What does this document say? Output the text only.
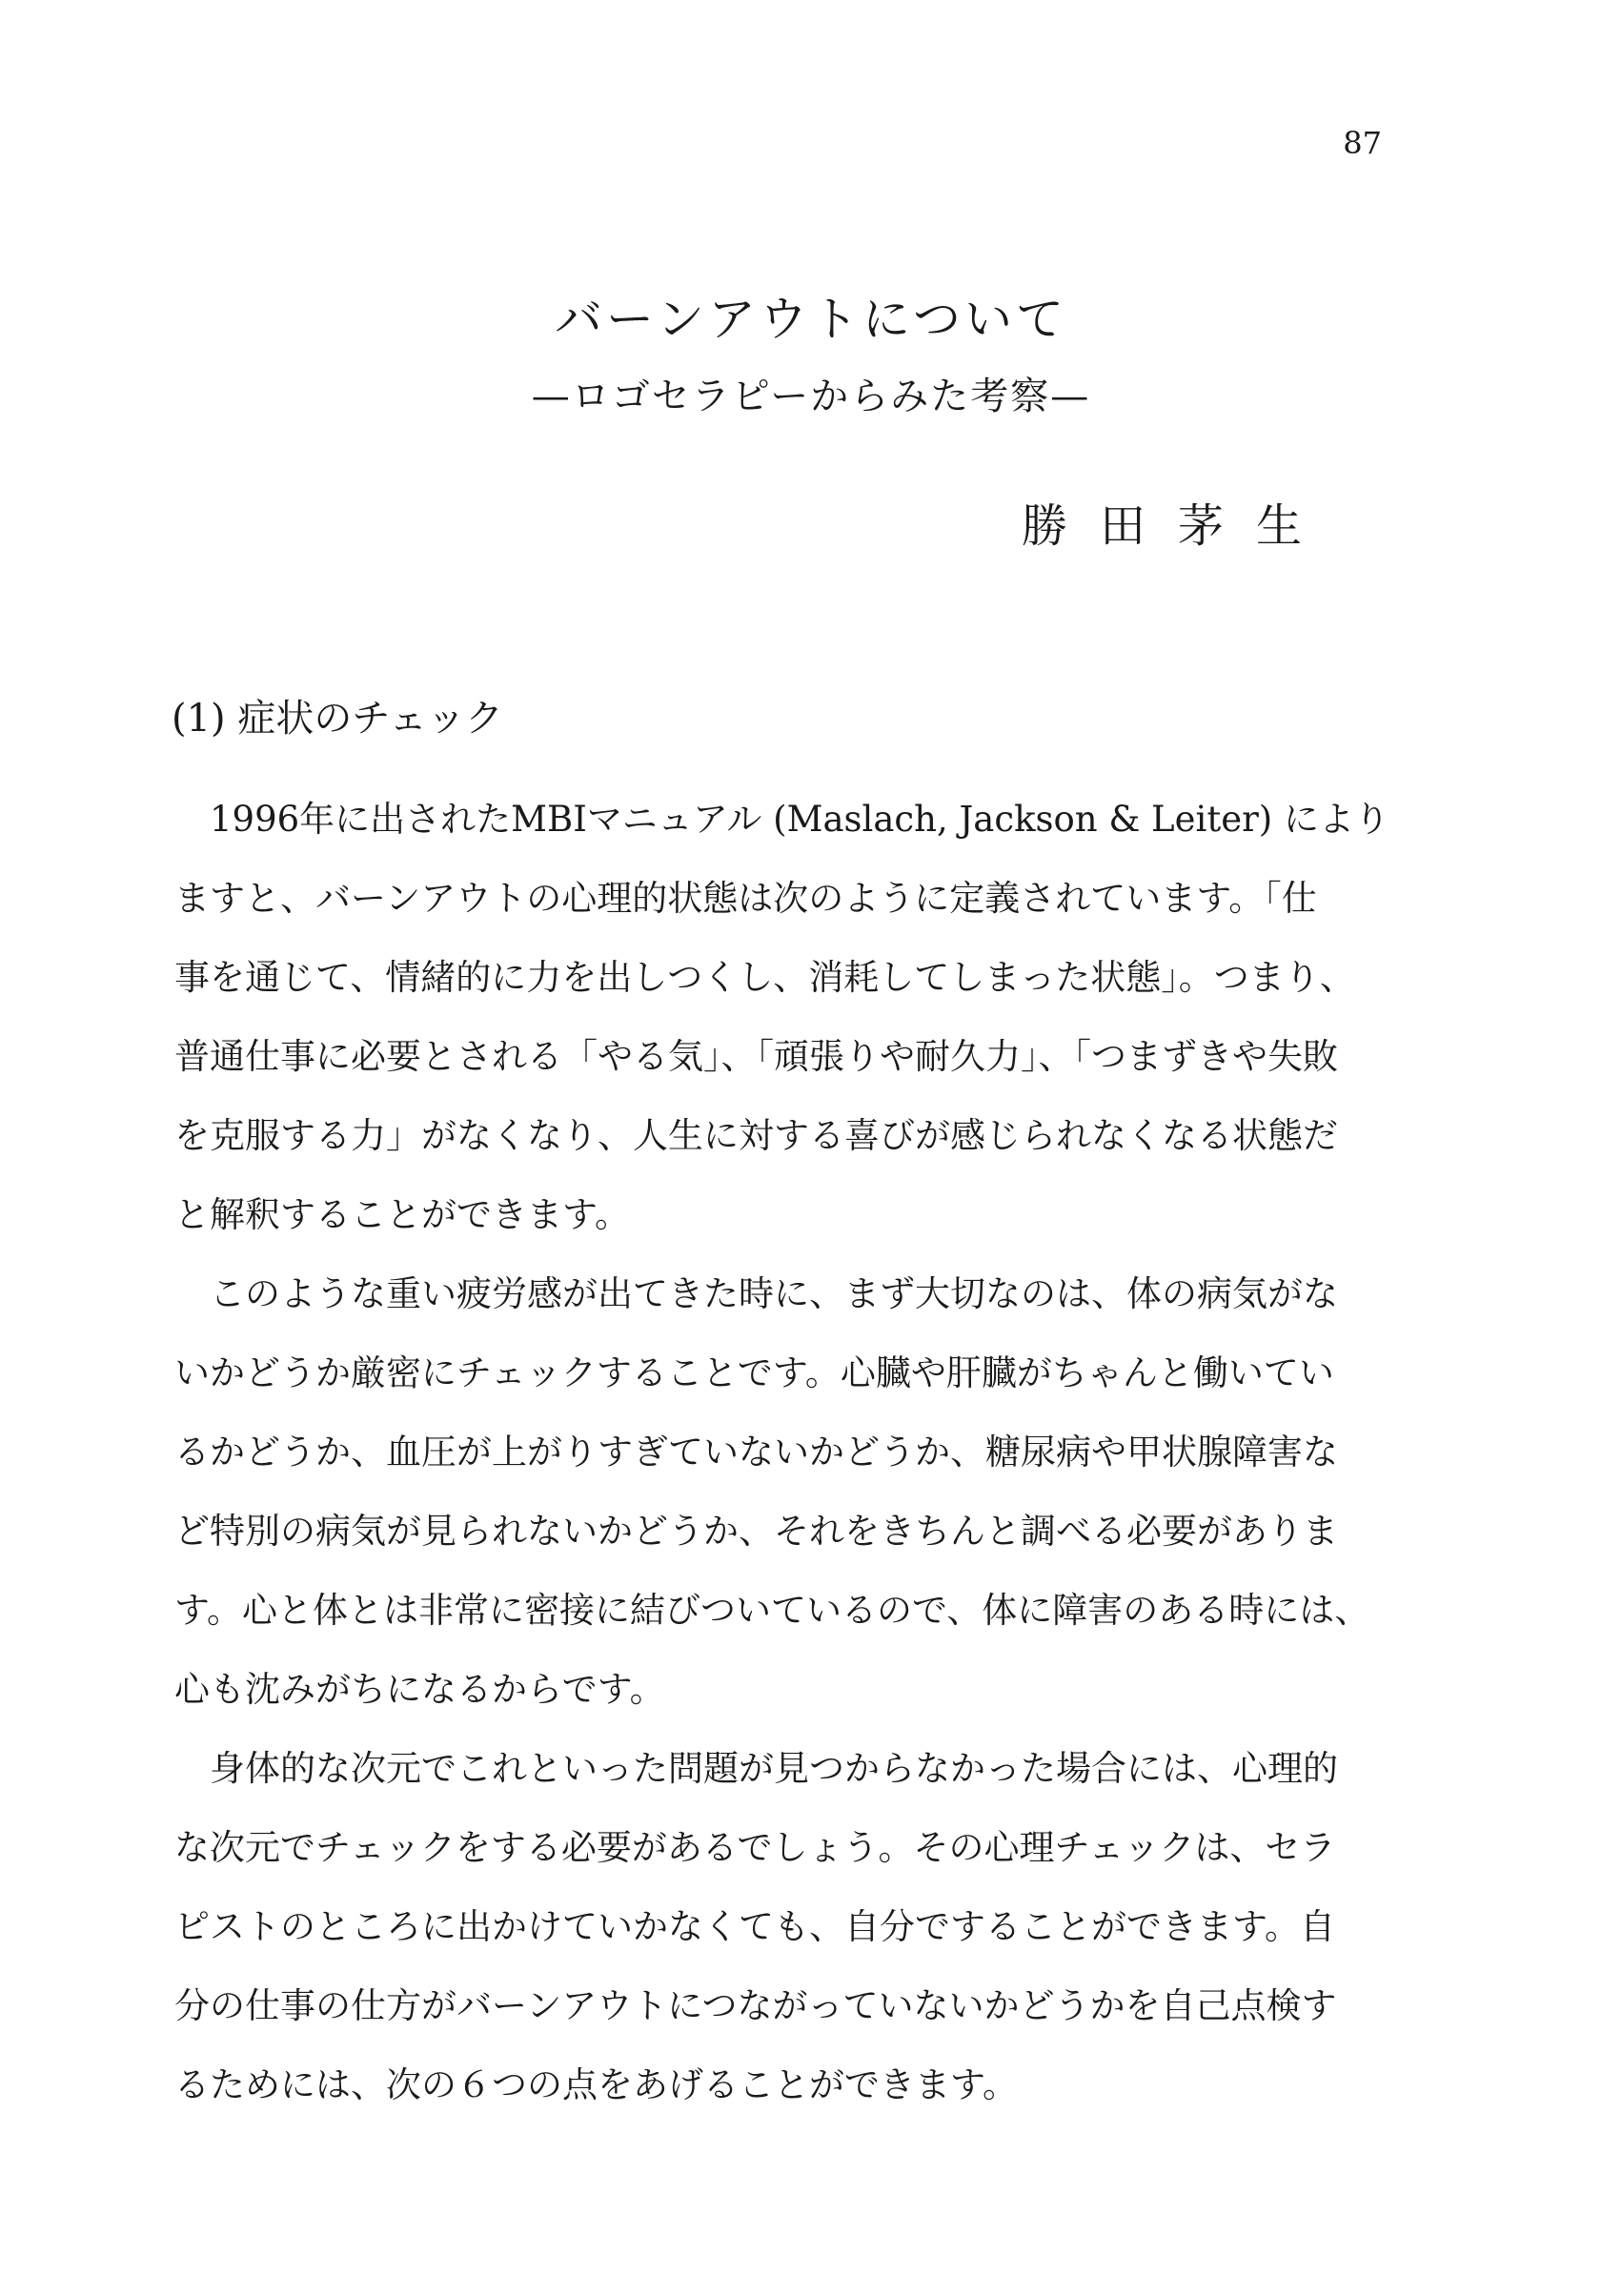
87
バーンアウトについて
—ロゴセラピーからみた考察—
勝田茅生
(1) 症状のチェック
　1996年に出されたMBIマニュアル (Maslach, Jackson & Leiter) により
ますと、バーンアウトの心理的状態は次のように定義されています。「仕
事を通じて、情緒的に力を出しつくし、消耗してしまった状態」。つまり、
普通仕事に必要とされる「やる気」、「頑張りや耐久力」、「つまずきや失敗
を克服する力」がなくなり、人生に対する喜びが感じられなくなる状態だ
と解釈することができます。
　このような重い疲労感が出てきた時に、まず大切なのは、体の病気がな
いかどうか厳密にチェックすることです。心臓や肝臓がちゃんと働いてい
るかどうか、血圧が上がりすぎていないかどうか、糖尿病や甲状腺障害な
ど特別の病気が見られないかどうか、それをきちんと調べる必要がありま
す。心と体とは非常に密接に結びついているので、体に障害のある時には、
心も沈みがちになるからです。
　身体的な次元でこれといった問題が見つからなかった場合には、心理的
な次元でチェックをする必要があるでしょう。その心理チェックは、セラ
ピストのところに出かけていかなくても、自分ですることができます。自
分の仕事の仕方がバーンアウトにつながっていないかどうかを自己点検す
るためには、次の６つの点をあげることができます。
